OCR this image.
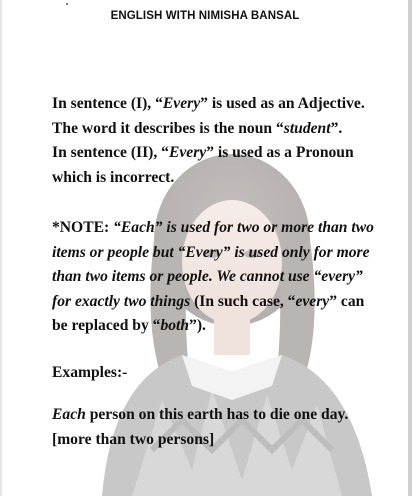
ENGLISH WITH NIMISHA BANSAL

In sentence (I), “Every” is used as an Adjective. The word it describes is the noun “student”.

In sentence (II), “Every” is used as a Pronoun which is incorrect.

*NOTE: “Each” is used for two or more than two items or people but “Every” is used only for more than two items or people. We cannot use “every” for exactly two things (In such case, “every” can be replaced by “both”).

Examples:-

Each person on this earth has to die one day. [more than two persons]
